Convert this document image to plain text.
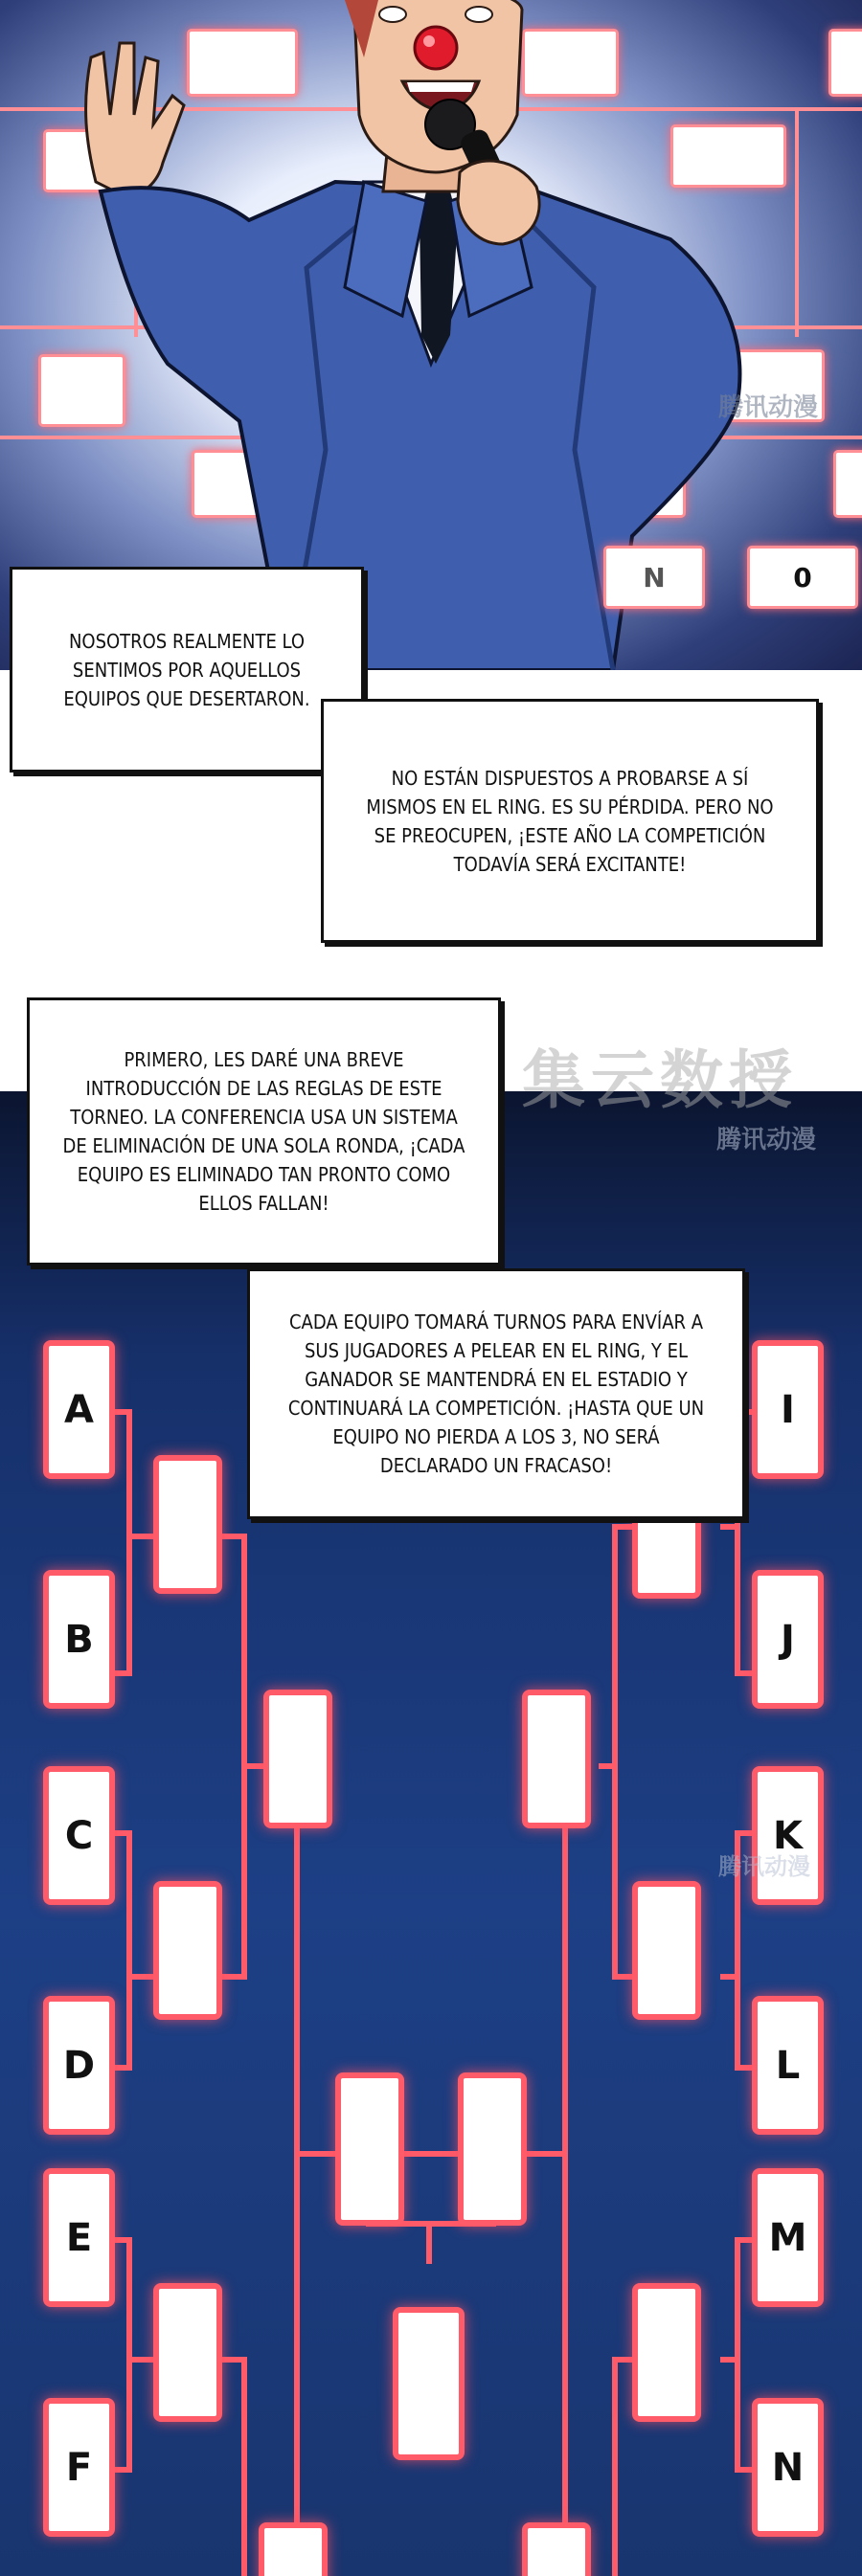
N	0
腾讯动漫
A
B
C
D
E
F
I
J
K
L
M
N
腾讯动漫
腾讯动漫
集云数授
NOSOTROS REALMENTE LO SENTIMOS POR AQUELLOS EQUIPOS QUE DESERTARON.
NO ESTÁN DISPUESTOS A PROBARSE A SÍ MISMOS EN EL RING. ES SU PÉRDIDA. PERO NO SE PREOCUPEN, ¡ESTE AÑO LA COMPETICIÓN TODAVÍA SERÁ EXCITANTE!
PRIMERO, LES DARÉ UNA BREVE INTRODUCCIÓN DE LAS REGLAS DE ESTE TORNEO. LA CONFERENCIA USA UN SISTEMA DE ELIMINACIÓN DE UNA SOLA RONDA, ¡CADA EQUIPO ES ELIMINADO TAN PRONTO COMO ELLOS FALLAN!
CADA EQUIPO TOMARÁ TURNOS PARA ENVÍAR A SUS JUGADORES A PELEAR EN EL RING, Y EL GANADOR SE MANTENDRÁ EN EL ESTADIO Y CONTINUARÁ LA COMPETICIÓN. ¡HASTA QUE UN EQUIPO NO PIERDA A LOS 3, NO SERÁ DECLARADO UN FRACASO!
